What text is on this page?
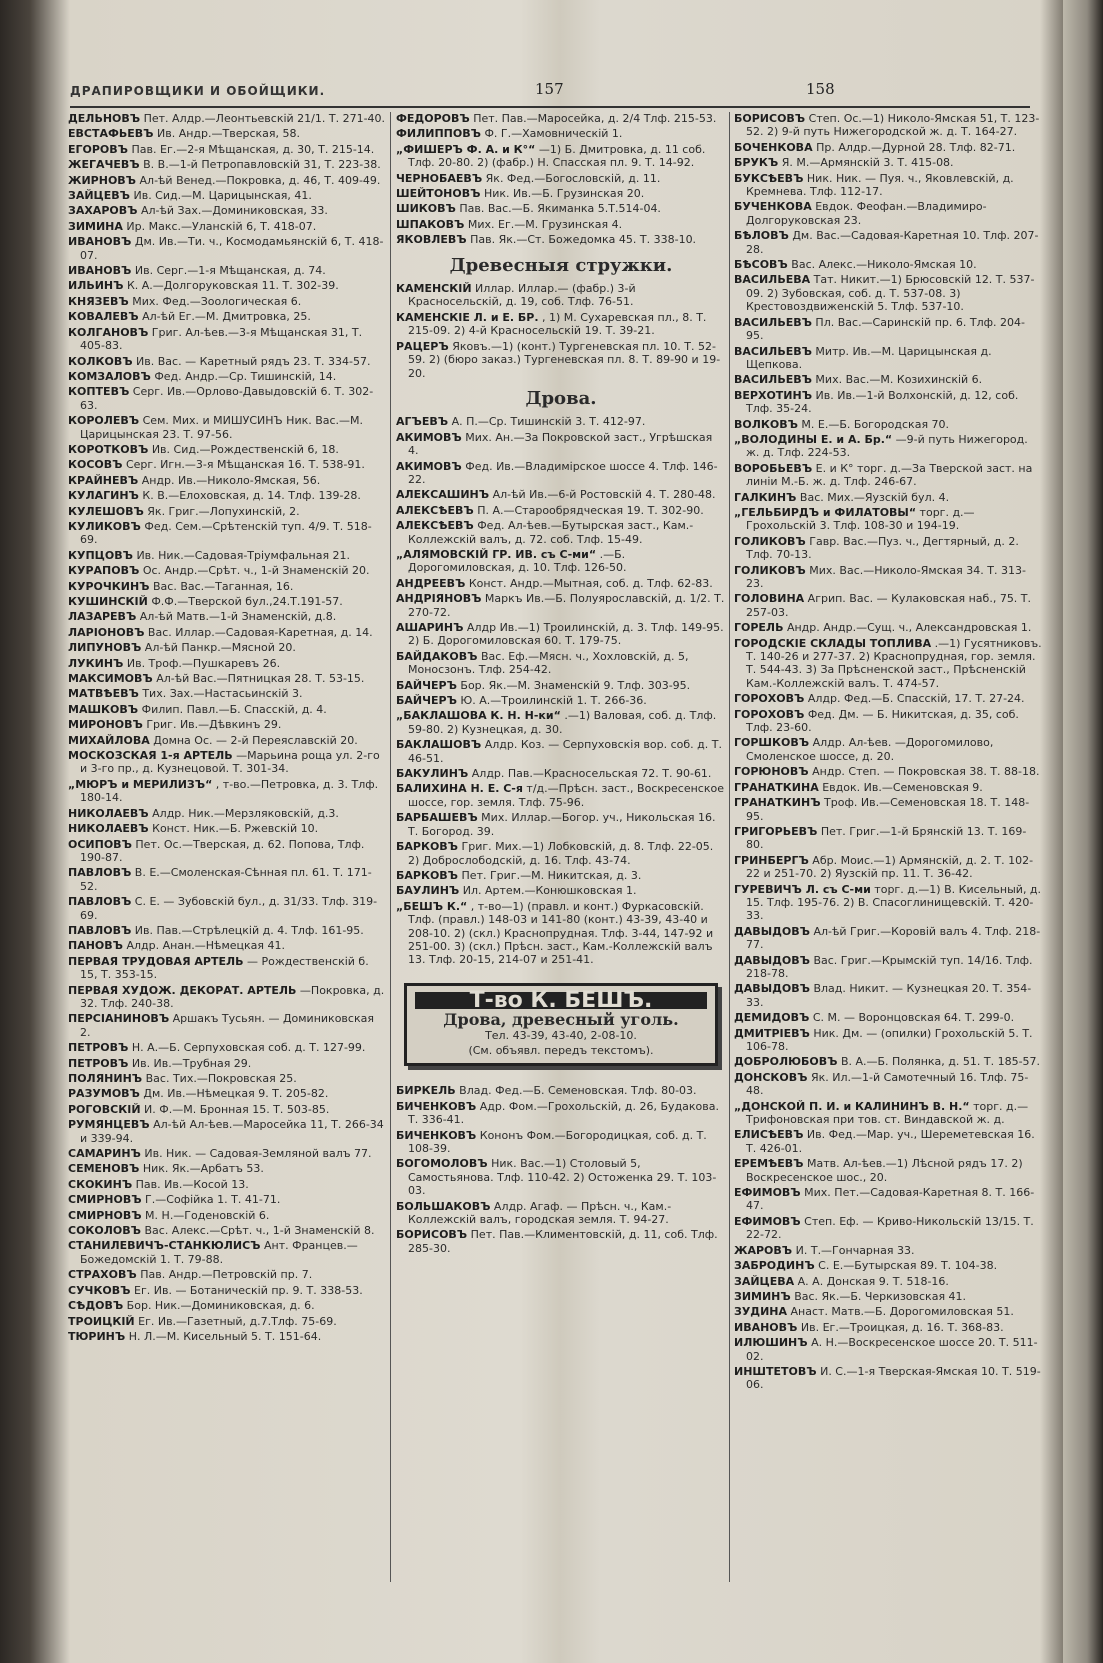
ДРАПИРОВЩИКИ И ОБОЙЩИКИ.	157	158
ДЕЛЬНОВЪ Пет. Алдр.—Леонтьевскій 21/1. Т. 271-40.
ЕВСТАФЬЕВЪ Ив. Андр.—Тверская, 58.
ЕГОРОВЪ Пав. Ег.—2-я Мѣщанская, д. 30, Т. 215-14.
ЖЕГАЧЕВЪ В. В.—1-й Петропавловскій 31, Т. 223-38.
ЖИРНОВЪ Ал-ѣй Венед.—Покровка, д. 46, Т. 409-49.
ЗАЙЦЕВЪ Ив. Сид.—М. Царицынская, 41.
ЗАХАРОВЪ Ал-ѣй Зах.—Доминиковская, 33.
ЗИМИНА Ир. Макс.—Уланскій 6, Т. 418-07.
ИВАНОВЪ Дм. Ив.—Ти. ч., Космодамьянскій 6, Т. 418-07.
ИВАНОВЪ Ив. Серг.—1-я Мѣщанская, д. 74.
ИЛЬИНЪ К. А.—Долгоруковская 11. Т. 302-39.
КНЯЗЕВЪ Мих. Фед.—Зоологическая 6.
КОВАЛЕВЪ Ал-ѣй Ег.—М. Дмитровка, 25.
КОЛГАНОВЪ Григ. Ал-ѣев.—3-я Мѣщанская 31, Т. 405-83.
КОЛКОВЪ Ив. Вас. — Каретный рядъ 23. Т. 334-57.
КОМЗАЛОВЪ Фед. Андр.—Ср. Тишинскій, 14.
КОПТЕВЪ Серг. Ив.—Орлово-Давыдовскій 6. Т. 302-63.
КОРОЛЕВЪ Сем. Мих. и МИШУСИНЪ Ник. Вас.—М. Царицынская 23. Т. 97-56.
КОРОТКОВЪ Ив. Сид.—Рождественскій 6, 18.
КОСОВЪ Серг. Игн.—3-я Мѣщанская 16. Т. 538-91.
КРАЙНЕВЪ Андр. Ив.—Николо-Ямская, 56.
КУЛАГИНЪ К. В.—Елоховская, д. 14. Тлф. 139-28.
КУЛЕШОВЪ Як. Григ.—Лопухинскій, 2.
КУЛИКОВЪ Фед. Сем.—Срѣтенскій туп. 4/9. Т. 518-69.
КУПЦОВЪ Ив. Ник.—Садовая-Тріумфальная 21.
КУРАПОВЪ Ос. Андр.—Срѣт. ч., 1-й Знаменскій 20.
КУРОЧКИНЪ Вас. Вас.—Таганная, 16.
КУШИНСКІЙ Ф.Ф.—Тверской бул.,24.Т.191-57.
ЛАЗАРЕВЪ Ал-ѣй Матв.—1-й Знаменскій, д.8.
ЛАРІОНОВЪ Вас. Иллар.—Садовая-Каретная, д. 14.
ЛИПУНОВЪ Ал-ѣй Панкр.—Мясной 20.
ЛУКИНЪ Ив. Троф.—Пушкаревъ 26.
МАКСИМОВЪ Ал-ѣй Вас.—Пятницкая 28. Т. 53-15.
МАТВѢЕВЪ Тих. Зах.—Настасьинскій 3.
МАШКОВЪ Филип. Павл.—Б. Спасскій, д. 4.
МИРОНОВЪ Григ. Ив.—Дѣвкинъ 29.
МИХАЙЛОВА Домна Ос. — 2-й Переяславскій 20.
МОСКОЗСКАЯ 1-я АРТЕЛЬ —Марьина роща ул. 2-го и 3-го пр., д. Кузнецовой. Т. 301-34.
„МЮРЪ и МЕРИЛИЗЪ“ , т-во.—Петровка, д. 3. Тлф. 180-14.
НИКОЛАЕВЪ Алдр. Ник.—Мерзляковскій, д.3.
НИКОЛАЕВЪ Конст. Ник.—Б. Ржевскій 10.
ОСИПОВЪ Пет. Ос.—Тверская, д. 62. Попова, Тлф. 190-87.
ПАВЛОВЪ В. Е.—Смоленская-Сѣнная пл. 61. Т. 171-52.
ПАВЛОВЪ С. Е. — Зубовскій бул., д. 31/33. Тлф. 319-69.
ПАВЛОВЪ Ив. Пав.—Стрѣлецкій д. 4. Тлф. 161-95.
ПАНОВЪ Алдр. Анан.—Нѣмецкая 41.
ПЕРВАЯ ТРУДОВАЯ АРТЕЛЬ — Рождественскій б. 15, Т. 353-15.
ПЕРВАЯ ХУДОЖ. ДЕКОРАТ. АРТЕЛЬ —Покровка, д. 32. Тлф. 240-38.
ПЕРСІАНИНОВЪ Аршакъ Тусьян. — Доминиковская 2.
ПЕТРОВЪ Н. А.—Б. Серпуховская соб. д. Т. 127-99.
ПЕТРОВЪ Ив. Ив.—Трубная 29.
ПОЛЯНИНЪ Вас. Тих.—Покровская 25.
РАЗУМОВЪ Дм. Ив.—Нѣмецкая 9. Т. 205-82.
РОГОВСКІЙ И. Ф.—М. Бронная 15. Т. 503-85.
РУМЯНЦЕВЪ Ал-ѣй Ал-ѣев.—Маросейка 11, Т. 266-34 и 339-94.
САМАРИНЪ Ив. Ник. — Садовая-Земляной валъ 77.
СЕМЕНОВЪ Ник. Як.—Арбатъ 53.
СКОКИНЪ Пав. Ив.—Косой 13.
СМИРНОВЪ Г.—Софійка 1. Т. 41-71.
СМИРНОВЪ М. Н.—Годеновскій 6.
СОКОЛОВЪ Вас. Алекс.—Срѣт. ч., 1-й Знаменскій 8.
СТАНИЛЕВИЧЪ-СТАНКЮЛИСЪ Ант. Францев.—Божедомскій 1. Т. 79-88.
СТРАХОВЪ Пав. Андр.—Петровскій пр. 7.
СУЧКОВЪ Ег. Ив. — Ботаническій пр. 9. Т. 338-53.
СѢДОВЪ Бор. Ник.—Доминиковская, д. 6.
ТРОИЦКІЙ Ег. Ив.—Газетный, д.7.Тлф. 75-69.
ТЮРИНЪ Н. Л.—М. Кисельный 5. Т. 151-64.
ФЕДОРОВЪ Пет. Пав.—Маросейка, д. 2/4 Тлф. 215-53.
ФИЛИППОВЪ Ф. Г.—Хамовническій 1.
„ФИШЕРЪ Ф. А. и К°“ —1) Б. Дмитровка, д. 11 соб. Тлф. 20-80. 2) (фабр.) Н. Спасская пл. 9. Т. 14-92.
ЧЕРНОБАЕВЪ Як. Фед.—Богословскій, д. 11.
ШЕЙТОНОВЪ Ник. Ив.—Б. Грузинская 20.
ШИКОВЪ Пав. Вас.—Б. Якиманка 5.Т.514-04.
ШПАКОВЪ Мих. Ег.—М. Грузинская 4.
ЯКОВЛЕВЪ Пав. Як.—Ст. Божедомка 45. Т. 338-10.
Древесныя стружки.
КАМЕНСКІЙ Иллар. Иллар.— (фабр.) 3-й Красносельскій, д. 19, соб. Тлф. 76-51.
КАМЕНСКІЕ Л. и Е. БР. , 1) М. Сухаревская пл., 8. Т. 215-09. 2) 4-й Красносельскій 19. Т. 39-21.
РАЦЕРЪ Яковъ.—1) (конт.) Тургеневская пл. 10. Т. 52-59. 2) (бюро заказ.) Тургеневская пл. 8. Т. 89-90 и 19-20.
Дрова.
АГЪЕВЪ А. П.—Ср. Тишинскій 3. Т. 412-97.
АКИМОВЪ Мих. Ан.—За Покровской заст., Угрѣшская 4.
АКИМОВЪ Фед. Ив.—Владимірское шоссе 4. Тлф. 146-22.
АЛЕКСАШИНЪ Ал-ѣй Ив.—6-й Ростовскій 4. Т. 280-48.
АЛЕКСѢЕВЪ П. А.—Старообрядческая 19. Т. 302-90.
АЛЕКСѢЕВЪ Фед. Ал-ѣев.—Бутырская заст., Кам.-Коллежскій валъ, д. 72. соб. Тлф. 15-49.
„АЛЯМОВСКІЙ ГР. ИВ. съ С-ми“ .—Б. Дорогомиловская, д. 10. Тлф. 126-50.
АНДРЕЕВЪ Конст. Андр.—Мытная, соб. д. Тлф. 62-83.
АНДРІЯНОВЪ Маркъ Ив.—Б. Полуярославскій, д. 1/2. Т. 270-72.
АШАРИНЪ Алдр Ив.—1) Троилинскій, д. 3. Тлф. 149-95. 2) Б. Дорогомиловская 60. Т. 179-75.
БАЙДАКОВЪ Вас. Еф.—Мясн. ч., Хохловскій, д. 5, Моносзонъ. Тлф. 254-42.
БАЙЧЕРЪ Бор. Як.—М. Знаменскій 9. Тлф. 303-95.
БАЙЧЕРЪ Ю. А.—Троилинскій 1. Т. 266-36.
„БАКЛАШОВА К. Н. Н-ки“ .—1) Валовая, соб. д. Тлф. 59-80. 2) Кузнецкая, д. 30.
БАКЛАШОВЪ Алдр. Коз. — Серпуховскія вор. соб. д. Т. 46-51.
БАКУЛИНЪ Алдр. Пав.—Красносельская 72. Т. 90-61.
БАЛИХИНА Н. Е. С-я т/д.—Прѣсн. заст., Воскресенское шоссе, гор. земля. Тлф. 75-96.
БАРБАШЕВЪ Мих. Иллар.—Богор. уч., Никольская 16. Т. Богород. 39.
БАРКОВЪ Григ. Мих.—1) Лобковскій, д. 8. Тлф. 22-05. 2) Доброслободскій, д. 16. Тлф. 43-74.
БАРКОВЪ Пет. Григ.—М. Никитская, д. 3.
БАУЛИНЪ Ил. Артем.—Конюшковская 1.
„БЕШЪ К.“ , т-во—1) (правл. и конт.) Фуркасовскій. Тлф. (правл.) 148-03 и 141-80 (конт.) 43-39, 43-40 и 208-10. 2) (скл.) Краснопрудная. Тлф. 3-44, 147-92 и 251-00. 3) (скл.) Прѣсн. заст., Кам.-Коллежскій валъ 13. Тлф. 20-15, 214-07 и 251-41.
Т-во К. БЕШЪ.
Дрова, древесный уголь.
Тел. 43-39, 43-40, 2-08-10.
(См. объявл. передъ текстомъ).
БИРКЕЛЬ Влад. Фед.—Б. Семеновская. Тлф. 80-03.
БИЧЕНКОВЪ Адр. Фом.—Грохольскій, д. 26, Будакова. Т. 336-41.
БИЧЕНКОВЪ Кононъ Фом.—Богородицкая, соб. д. Т. 108-39.
БОГОМОЛОВЪ Ник. Вас.—1) Столовый 5, Самостьянова. Тлф. 110-42. 2) Остоженка 29. Т. 103-03.
БОЛЬШАКОВЪ Алдр. Агаф. — Прѣсн. ч., Кам.-Коллежскій валъ, городская земля. Т. 94-27.
БОРИСОВЪ Пет. Пав.—Климентовскій, д. 11, соб. Тлф. 285-30.
БОРИСОВЪ Степ. Ос.—1) Николо-Ямская 51, Т. 123-52. 2) 9-й путь Нижегородской ж. д. Т. 164-27.
БОЧЕНКОВА Пр. Алдр.—Дурной 28. Тлф. 82-71.
БРУКЪ Я. М.—Армянскій 3. Т. 415-08.
БУКСѢЕВЪ Ник. Ник. — Пуя. ч., Яковлевскій, д. Кремнева. Тлф. 112-17.
БУЧЕНКОВА Евдок. Феофан.—Владимиро-Долгоруковская 23.
БѢЛОВЪ Дм. Вас.—Садовая-Каретная 10. Тлф. 207-28.
БѢСОВЪ Вас. Алекс.—Николо-Ямская 10.
ВАСИЛЬЕВА Тат. Никит.—1) Брюсовскій 12. Т. 537-09. 2) Зубовская, соб. д. Т. 537-08. 3) Крестовоздвиженскій 5. Тлф. 537-10.
ВАСИЛЬЕВЪ Пл. Вас.—Саринскій пр. 6. Тлф. 204-95.
ВАСИЛЬЕВЪ Митр. Ив.—М. Царицынская д. Щепкова.
ВАСИЛЬЕВЪ Мих. Вас.—М. Козихинскій 6.
ВЕРХОТИНЪ Ив. Ив.—1-й Волхонскій, д. 12, соб. Тлф. 35-24.
ВОЛКОВЪ М. Е.—Б. Богородская 70.
„ВОЛОДИНЫ Е. и А. Бр.“ —9-й путь Нижегород. ж. д. Тлф. 224-53.
ВОРОБЬЕВЪ Е. и К° торг. д.—За Тверской заст. на линіи М.-Б. ж. д. Тлф. 246-67.
ГАЛКИНЪ Вас. Мих.—Яузскій бул. 4.
„ГЕЛЬБИРДЪ и ФИЛАТОВЫ“ торг. д.—Грохольскій 3. Тлф. 108-30 и 194-19.
ГОЛИКОВЪ Гавр. Вас.—Пуз. ч., Дегтярный, д. 2. Тлф. 70-13.
ГОЛИКОВЪ Мих. Вас.—Николо-Ямская 34. Т. 313-23.
ГОЛОВИНА Агрип. Вас. — Кулаковская наб., 75. Т. 257-03.
ГОРЕЛЬ Андр. Андр.—Сущ. ч., Александровская 1.
ГОРОДСКІЕ СКЛАДЫ ТОПЛИВА .—1) Гусятниковъ. Т. 140-26 и 277-37. 2) Краснопрудная, гор. земля. Т. 544-43. 3) За Прѣсненской заст., Прѣсненскій Кам.-Коллежскій валъ. Т. 474-57.
ГОРОХОВЪ Алдр. Фед.—Б. Спасскій, 17. Т. 27-24.
ГОРОХОВЪ Фед. Дм. — Б. Никитская, д. 35, соб. Тлф. 23-60.
ГОРШКОВЪ Алдр. Ал-ѣев. —Дорогомилово, Смоленское шоссе, д. 20.
ГОРЮНОВЪ Андр. Степ. — Покровская 38. Т. 88-18.
ГРАНАТКИНА Евдок. Ив.—Семеновская 9.
ГРАНАТКИНЪ Троф. Ив.—Семеновская 18. Т. 148-95.
ГРИГОРЬЕВЪ Пет. Григ.—1-й Брянскій 13. Т. 169-80.
ГРИНБЕРГЪ Абр. Моис.—1) Армянскій, д. 2. Т. 102-22 и 251-70. 2) Яузскій пр. 11. Т. 36-42.
ГУРЕВИЧЪ Л. съ С-ми торг. д.—1) В. Кисельный, д. 15. Тлф. 195-76. 2) В. Спасоглинищевскій. Т. 420-33.
ДАВЫДОВЪ Ал-ѣй Григ.—Коровій валъ 4. Тлф. 218-77.
ДАВЫДОВЪ Вас. Григ.—Крымскій туп. 14/16. Тлф. 218-78.
ДАВЫДОВЪ Влад. Никит. — Кузнецкая 20. Т. 354-33.
ДЕМИДОВЪ С. М. — Воронцовская 64. Т. 299-0.
ДМИТРІЕВЪ Ник. Дм. — (опилки) Грохольскій 5. Т. 106-78.
ДОБРОЛЮБОВЪ В. А.—Б. Полянка, д. 51. Т. 185-57.
ДОНСКОВЪ Як. Ил.—1-й Самотечный 16. Тлф. 75-48.
„ДОНСКОЙ П. И. и КАЛИНИНЪ В. Н.“ торг. д.—Трифоновская при тов. ст. Виндавской ж. д.
ЕЛИСѢЕВЪ Ив. Фед.—Мар. уч., Шереметевская 16. Т. 426-01.
ЕРЕМѢЕВЪ Матв. Ал-ѣев.—1) Лѣсной рядъ 17. 2) Воскресенское шос., 20.
ЕФИМОВЪ Мих. Пет.—Садовая-Каретная 8. Т. 166-47.
ЕФИМОВЪ Степ. Еф. — Криво-Никольскій 13/15. Т. 22-72.
ЖАРОВЪ И. Т.—Гончарная 33.
ЗАБРОДИНЪ С. Е.—Бутырская 89. Т. 104-38.
ЗАЙЦЕВА А. А. Донская 9. Т. 518-16.
ЗИМИНЪ Вас. Як.—Б. Черкизовская 41.
ЗУДИНА Анаст. Матв.—Б. Дорогомиловская 51.
ИВАНОВЪ Ив. Ег.—Троицкая, д. 16. Т. 368-83.
ИЛЮШИНЪ А. Н.—Воскресенское шоссе 20. Т. 511-02.
ИНШТЕТОВЪ И. С.—1-я Тверская-Ямская 10. Т. 519-06.
